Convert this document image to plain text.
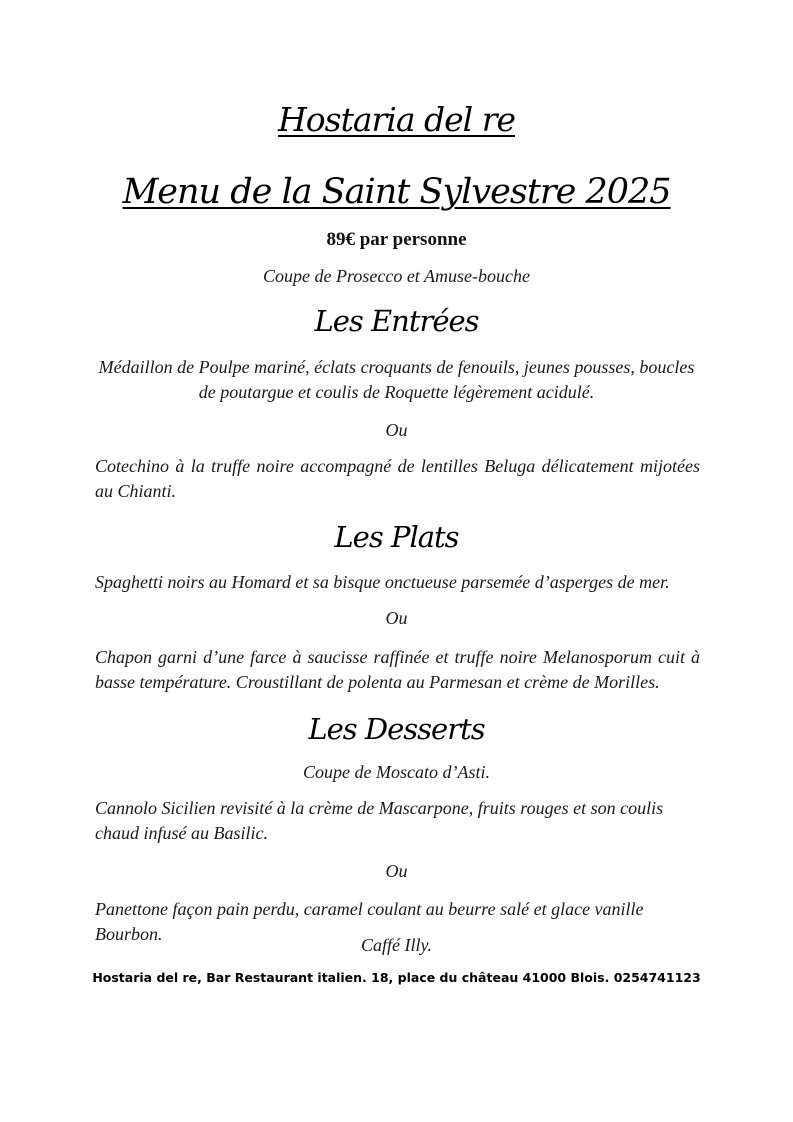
Hostaria del re
Menu de la Saint Sylvestre 2025
89€ par personne
Coupe de Prosecco et Amuse-bouche
Les Entrées
Médaillon de Poulpe mariné, éclats croquants de fenouils, jeunes pousses, boucles de poutargue et coulis de Roquette légèrement acidulé.
Ou
Cotechino à la truffe noire accompagné de lentilles Beluga délicatement mijotées au Chianti.
Les Plats
Spaghetti noirs au Homard et sa bisque onctueuse parsemée d’asperges de mer.
Ou
Chapon garni d’une farce à saucisse raffinée et truffe noire Melanosporum cuit à basse température. Croustillant de polenta au Parmesan et crème de Morilles.
Les Desserts
Coupe de Moscato d’Asti.
Cannolo Sicilien revisité à la crème de Mascarpone, fruits rouges et son coulis chaud infusé au Basilic.
Ou
Panettone façon pain perdu, caramel coulant au beurre salé et glace vanille Bourbon.
Caffé Illy.
Hostaria del re, Bar Restaurant italien. 18, place du château 41000 Blois. 0254741123
